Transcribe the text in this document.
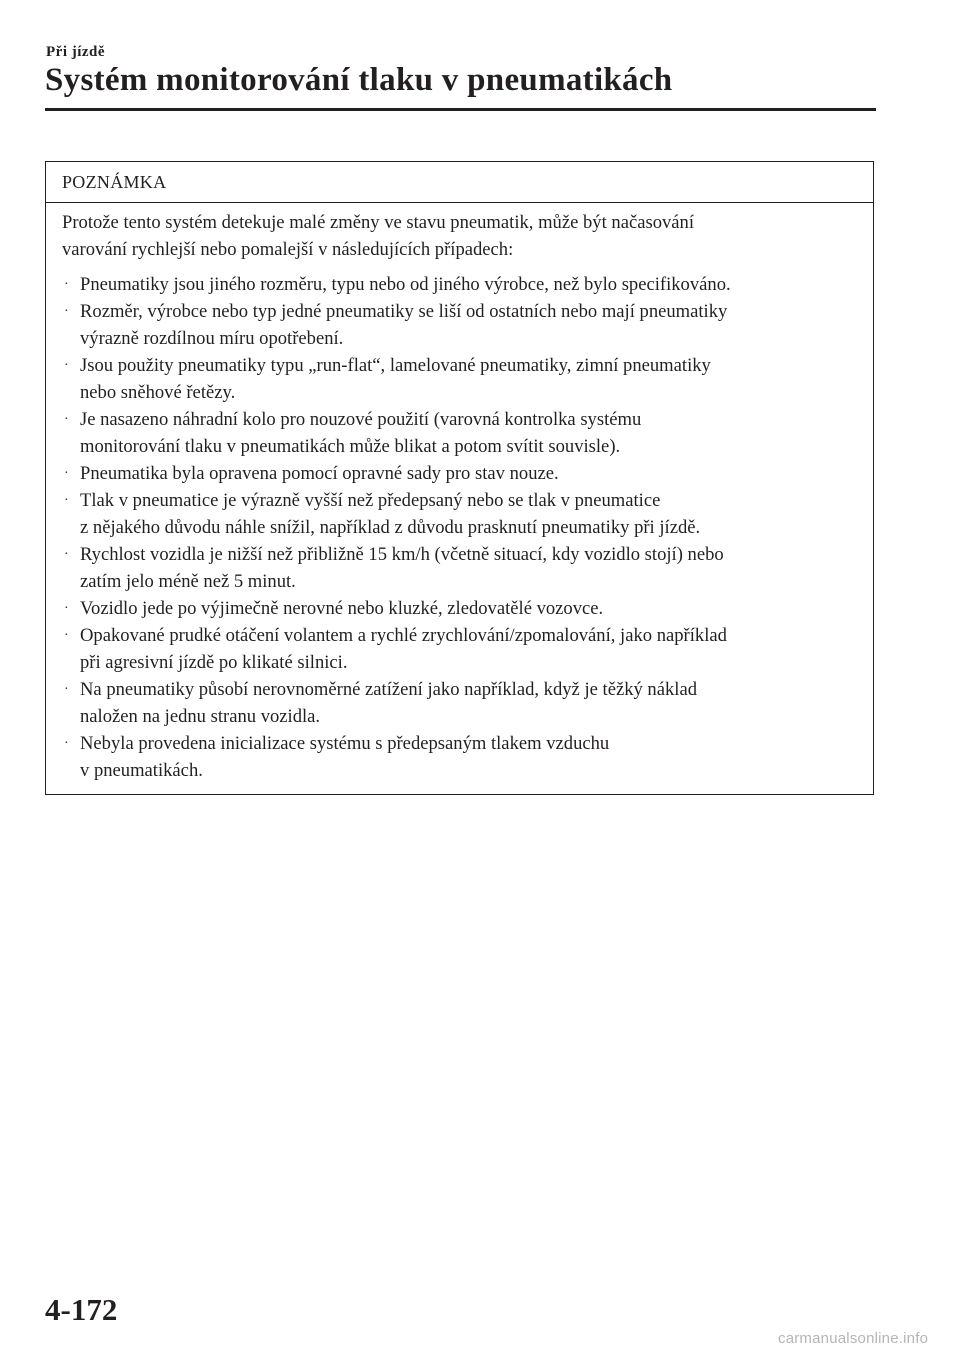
Při jízdě
Systém monitorování tlaku v pneumatikách
POZNÁMKA

Protože tento systém detekuje malé změny ve stavu pneumatik, může být načasování
varování rychlejší nebo pomalejší v následujících případech:

· Pneumatiky jsou jiného rozměru, typu nebo od jiného výrobce, než bylo specifikováno.
· Rozměr, výrobce nebo typ jedné pneumatiky se liší od ostatních nebo mají pneumatiky
výrazně rozdílnou míru opotřebení.
· Jsou použity pneumatiky typu „run-flat“, lamelované pneumatiky, zimní pneumatiky
nebo sněhové řetězy.
· Je nasazeno náhradní kolo pro nouzové použití (varovná kontrolka systému
monitorování tlaku v pneumatikách může blikat a potom svítit souvisle).
· Pneumatika byla opravena pomocí opravné sady pro stav nouze.
· Tlak v pneumatice je výrazně vyšší než předepsaný nebo se tlak v pneumatice
z nějakého důvodu náhle snížil, například z důvodu prasknutí pneumatiky při jízdě.
· Rychlost vozidla je nižší než přibližně 15 km/h (včetně situací, kdy vozidlo stojí) nebo
zatím jelo méně než 5 minut.
· Vozidlo jede po výjimečně nerovné nebo kluzké, zledovatělé vozovce.
· Opakované prudké otáčení volantem a rychlé zrychlování/zpomalování, jako například
při agresivní jízdě po klikaté silnici.
· Na pneumatiky působí nerovnoměrné zatížení jako například, když je těžký náklad
naložen na jednu stranu vozidla.
· Nebyla provedena inicializace systému s předepsaným tlakem vzduchu
v pneumatikách.
4-172
carmanualsonline.info
